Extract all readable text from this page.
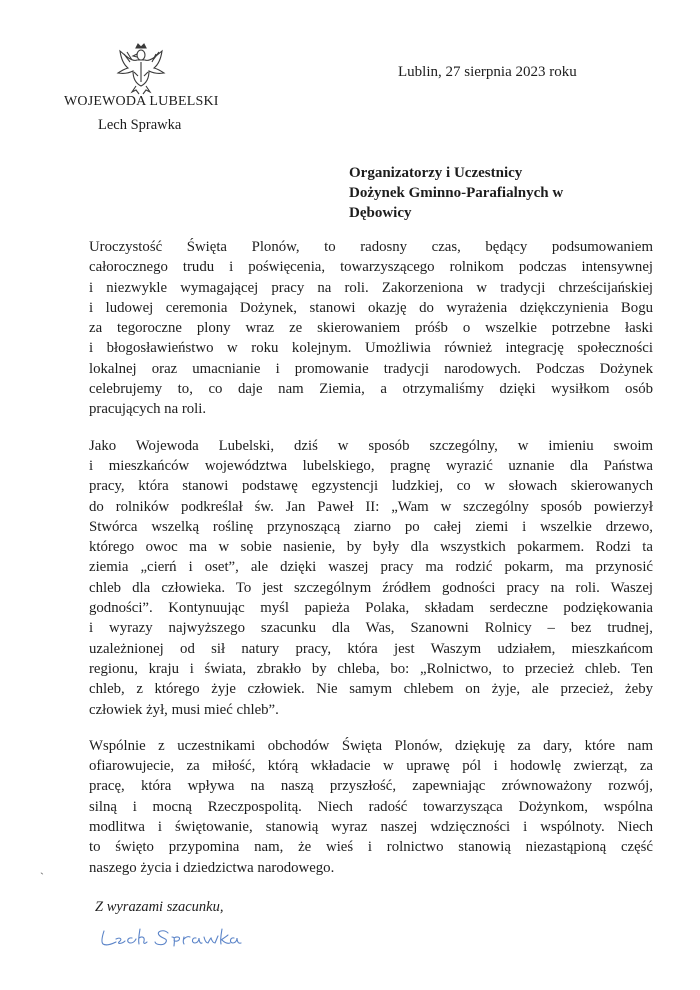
WOJEWODA LUBELSKI
Lech Sprawka
Lublin, 27 sierpnia 2023 roku
Organizatorzy i Uczestnicy
Dożynek Gminno-Parafialnych w
Dębowicy
Uroczystość Święta Plonów, to radosny czas, będący podsumowaniem
całorocznego trudu i poświęcenia, towarzyszącego rolnikom podczas intensywnej
i niezwykle wymagającej pracy na roli. Zakorzeniona w tradycji chrześcijańskiej
i ludowej ceremonia Dożynek, stanowi okazję do wyrażenia dziękczynienia Bogu
za tegoroczne plony wraz ze skierowaniem próśb o wszelkie potrzebne łaski
i błogosławieństwo w roku kolejnym. Umożliwia również integrację społeczności
lokalnej oraz umacnianie i promowanie tradycji narodowych. Podczas Dożynek
celebrujemy to, co daje nam Ziemia, a otrzymaliśmy dzięki wysiłkom osób
pracujących na roli.
Jako Wojewoda Lubelski, dziś w sposób szczególny, w imieniu swoim
i mieszkańców województwa lubelskiego, pragnę wyrazić uznanie dla Państwa
pracy, która stanowi podstawę egzystencji ludzkiej, co w słowach skierowanych
do rolników podkreślał św. Jan Paweł II: „Wam w szczególny sposób powierzył
Stwórca wszelką roślinę przynoszącą ziarno po całej ziemi i wszelkie drzewo,
którego owoc ma w sobie nasienie, by były dla wszystkich pokarmem. Rodzi ta
ziemia „cierń i oset”, ale dzięki waszej pracy ma rodzić pokarm, ma przynosić
chleb dla człowieka. To jest szczególnym źródłem godności pracy na roli. Waszej
godności”. Kontynuując myśl papieża Polaka, składam serdeczne podziękowania
i wyrazy najwyższego szacunku dla Was, Szanowni Rolnicy – bez trudnej,
uzależnionej od sił natury pracy, która jest Waszym udziałem, mieszkańcom
regionu, kraju i świata, zbrakło by chleba, bo: „Rolnictwo, to przecież chleb. Ten
chleb, z którego żyje człowiek. Nie samym chlebem on żyje, ale przecież, żeby
człowiek żył, musi mieć chleb”.
Wspólnie z uczestnikami obchodów Święta Plonów, dziękuję za dary, które nam
ofiarowujecie, za miłość, którą wkładacie w uprawę pól i hodowlę zwierząt, za
pracę, która wpływa na naszą przyszłość, zapewniając zrównoważony rozwój,
silną i mocną Rzeczpospolitą. Niech radość towarzysząca Dożynkom, wspólna
modlitwa i świętowanie, stanowią wyraz naszej wdzięczności i wspólnoty. Niech
to święto przypomina nam, że wieś i rolnictwo stanowią niezastąpioną część
naszego życia i dziedzictwa narodowego.
`
Z wyrazami szacunku,
